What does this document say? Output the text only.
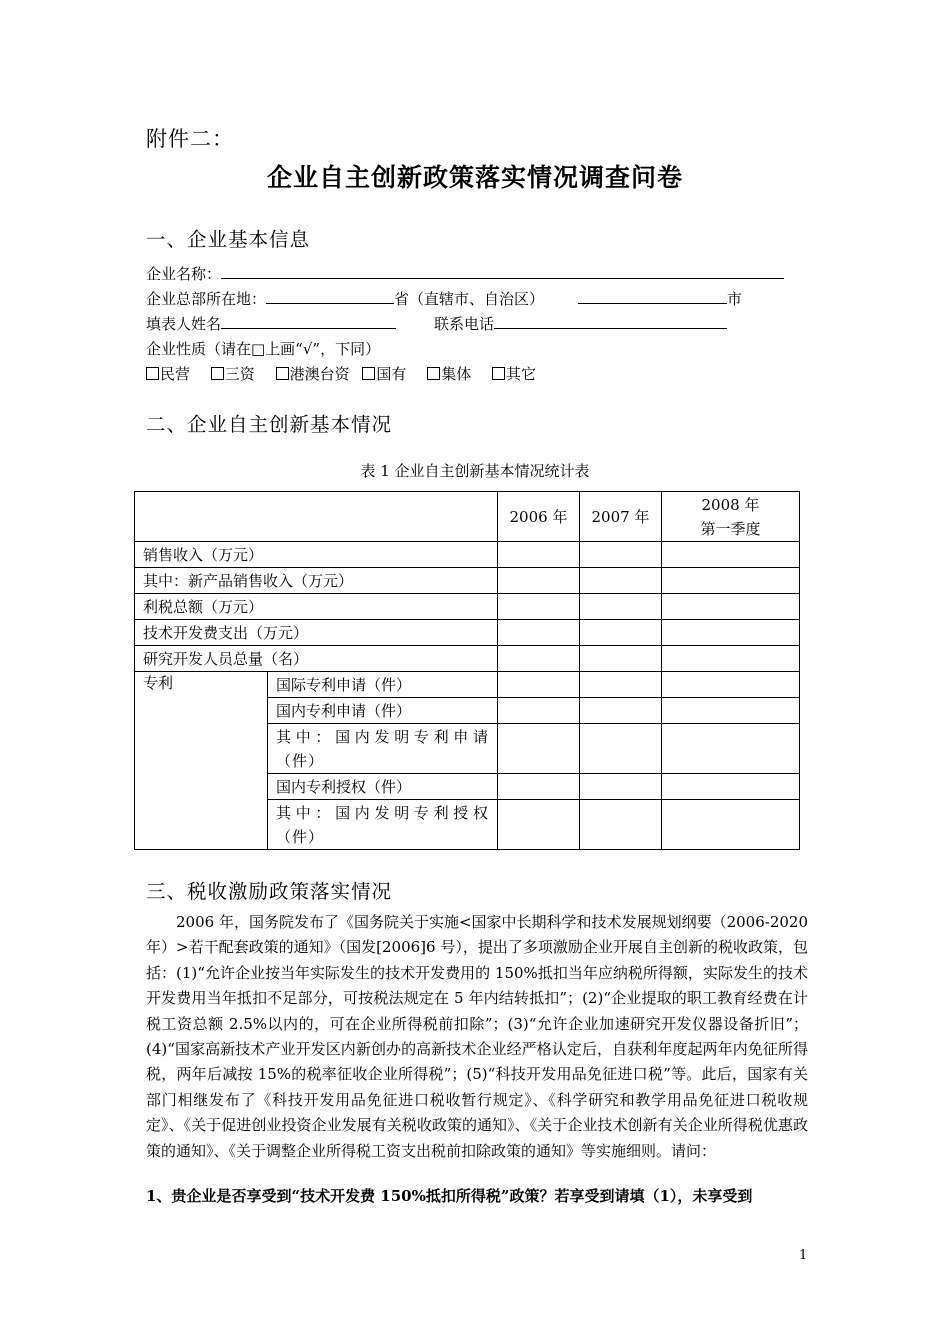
附件二：
企业自主创新政策落实情况调查问卷
一、企业基本信息
企业名称：
企业总部所在地：	省（直辖市、自治区）	市
填表人姓名	联系电话
企业性质（请在□上画“√”，下同）
民营 三资 港澳台资 国有 集体 其它
二、企业自主创新基本情况
表 1 企业自主创新基本情况统计表
		2006 年	2007 年	2008 年
第一季度
销售收入（万元）				
其中：新产品销售收入（万元）				
利税总额（万元）				
技术开发费支出（万元）				
研究开发人员总量（名）				
专利	国际专利申请（件）			
	国内专利申请（件）			
	其中：国内发明专利申请（件）			
	国内专利授权（件）			
	其中：国内发明专利授权（件）			
三、税收激励政策落实情况

2006 年，国务院发布了《国务院关于实施<国家中长期科学和技术发展规划纲要（2006-2020 年）>若干配套政策的通知》（国发[2006]6 号），提出了多项激励企业开展自主创新的税收政策，包括：(1)“允许企业按当年实际发生的技术开发费用的 150%抵扣当年应纳税所得额，实际发生的技术开发费用当年抵扣不足部分，可按税法规定在 5 年内结转抵扣”；(2)“企业提取的职工教育经费在计税工资总额 2.5%以内的，可在企业所得税前扣除”；(3)“允许企业加速研究开发仪器设备折旧”；(4)“国家高新技术产业开发区内新创办的高新技术企业经严格认定后，自获利年度起两年内免征所得税，两年后减按 15%的税率征收企业所得税”；(5)“科技开发用品免征进口税”等。此后，国家有关部门相继发布了《科技开发用品免征进口税收暂行规定》、《科学研究和教学用品免征进口税收规定》、《关于促进创业投资企业发展有关税收政策的通知》、《关于企业技术创新有关企业所得税优惠政策的通知》、《关于调整企业所得税工资支出税前扣除政策的通知》等实施细则。请问：

1、贵企业是否享受到“技术开发费 150%抵扣所得税”政策？若享受到请填（1），未享受到
1
